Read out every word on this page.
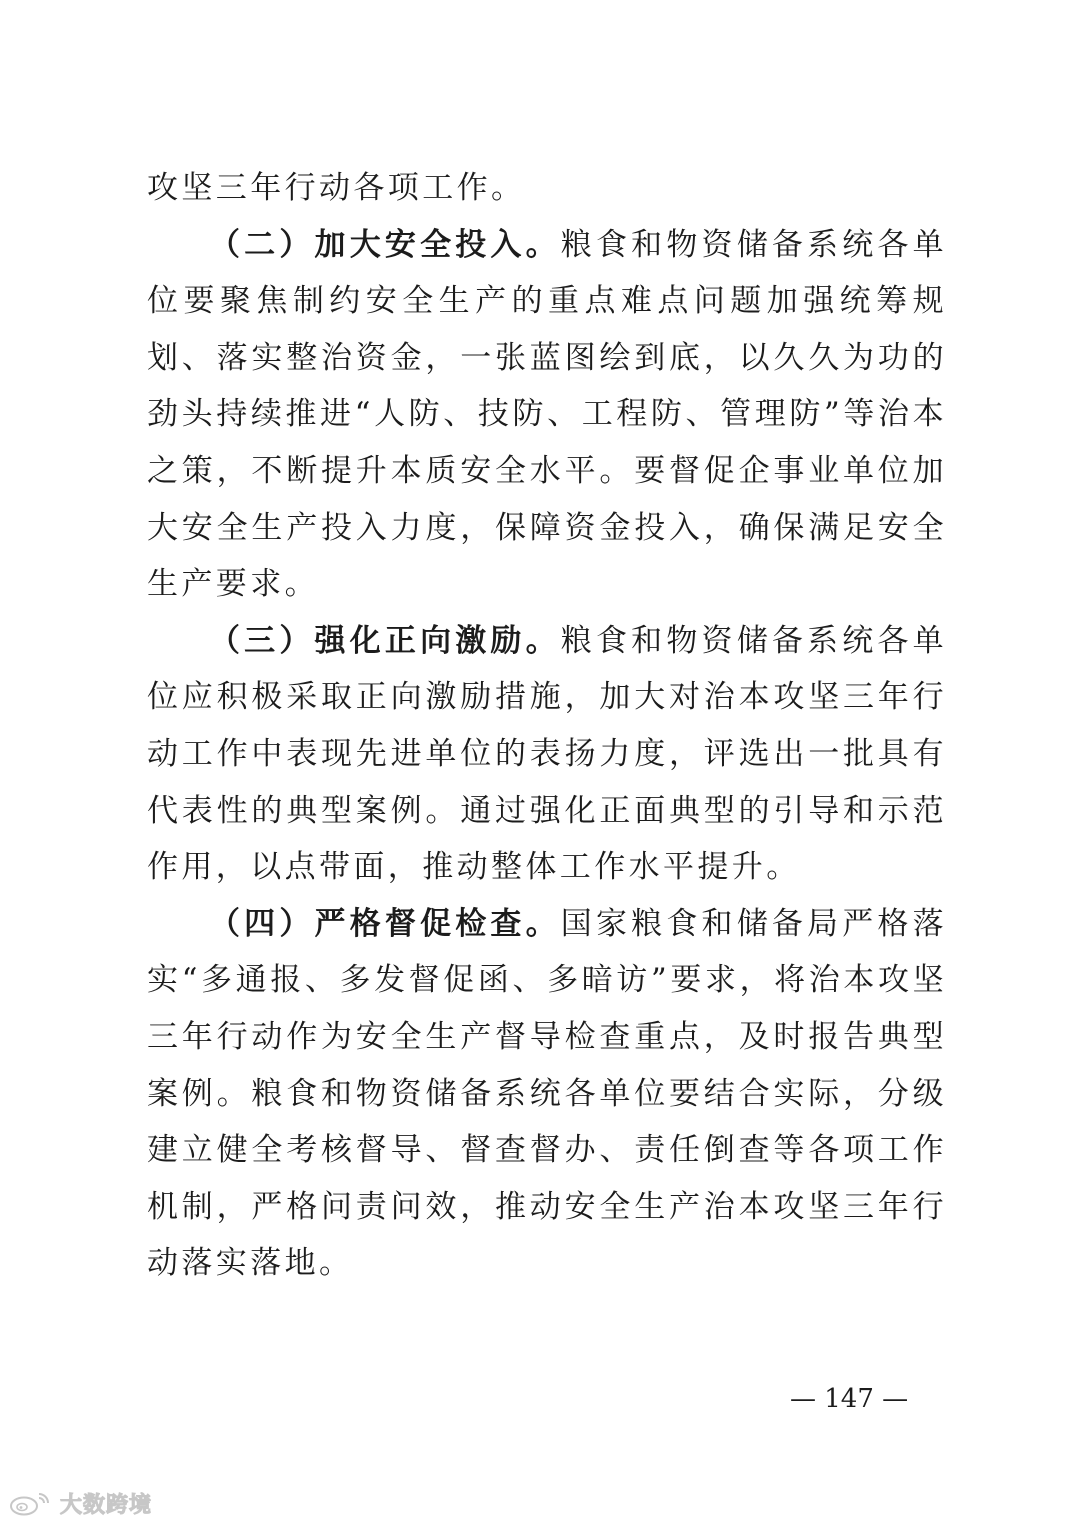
攻坚三年行动各项工作。

（二）加大安全投入。粮食和物资储备系统各单位要聚焦制约安全生产的重点难点问题加强统筹规划、落实整治资金，一张蓝图绘到底，以久久为功的劲头持续推进“人防、技防、工程防、管理防”等治本之策，不断提升本质安全水平。要督促企事业单位加大安全生产投入力度，保障资金投入，确保满足安全生产要求。

（三）强化正向激励。粮食和物资储备系统各单位应积极采取正向激励措施，加大对治本攻坚三年行动工作中表现先进单位的表扬力度，评选出一批具有代表性的典型案例。通过强化正面典型的引导和示范作用，以点带面，推动整体工作水平提升。

（四）严格督促检查。国家粮食和储备局严格落实“多通报、多发督促函、多暗访”要求，将治本攻坚三年行动作为安全生产督导检查重点，及时报告典型案例。粮食和物资储备系统各单位要结合实际，分级建立健全考核督导、督查督办、责任倒查等各项工作机制，严格问责问效，推动安全生产治本攻坚三年行动落实落地。

— 147 —
大数跨境
